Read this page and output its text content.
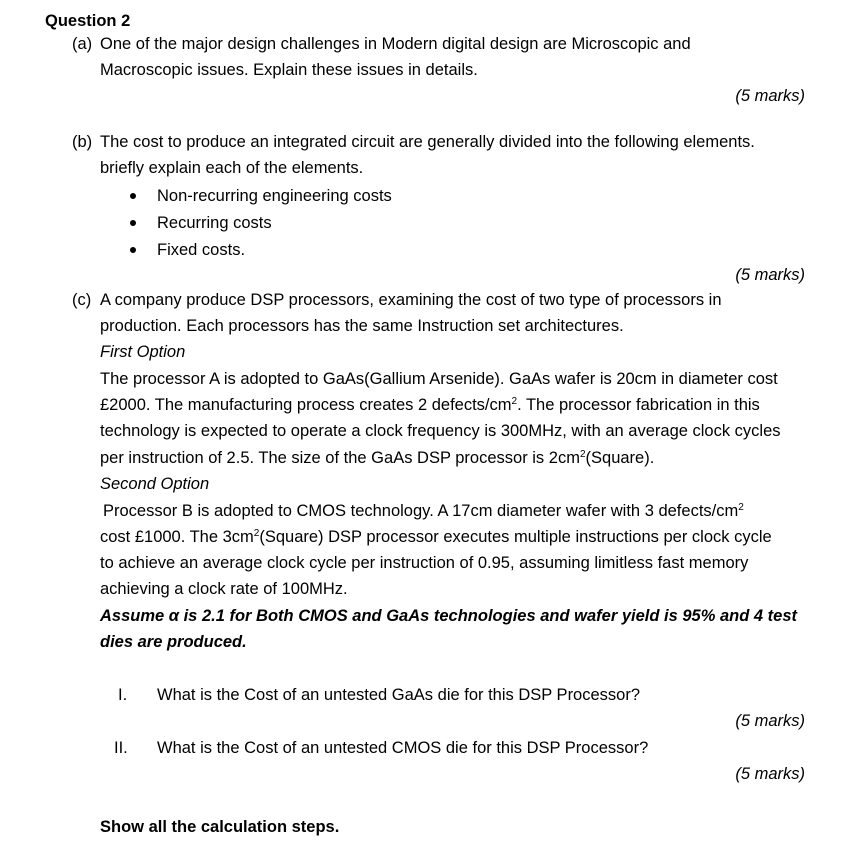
Question 2
(a) One of the major design challenges in Modern digital design are Microscopic and
Macroscopic issues. Explain these issues in details.
(5 marks)
(b) The cost to produce an integrated circuit are generally divided into the following elements.
briefly explain each of the elements.
Non-recurring engineering costs
Recurring costs
Fixed costs.
(5 marks)
(c) A company produce DSP processors, examining the cost of two type of processors in
production. Each processors has the same Instruction set architectures.
First Option
The processor A is adopted to GaAs(Gallium Arsenide). GaAs wafer is 20cm in diameter cost
£2000. The manufacturing process creates 2 defects/$cm^2$. The processor fabrication in this
technology is expected to operate a clock frequency is 300MHz, with an average clock cycles
per instruction of 2.5. The size of the GaAs DSP processor is $2cm^2(Square)$.
Second Option
Processor B is adopted to CMOS technology. A 17cm diameter wafer with 3 defects/$cm^2$
cost £1000. The $3cm^2(Square)$ DSP processor executes multiple instructions per clock cycle
to achieve an average clock cycle per instruction of 0.95, assuming limitless fast memory
achieving a clock rate of 100MHz.
Assume α is 2.1 for Both CMOS and GaAs technologies and wafer yield is 95% and 4 test
dies are produced.
I. What is the Cost of an untested GaAs die for this DSP Processor?
(5 marks)
II. What is the Cost of an untested CMOS die for this DSP Processor?
(5 marks)
Show all the calculation steps.
